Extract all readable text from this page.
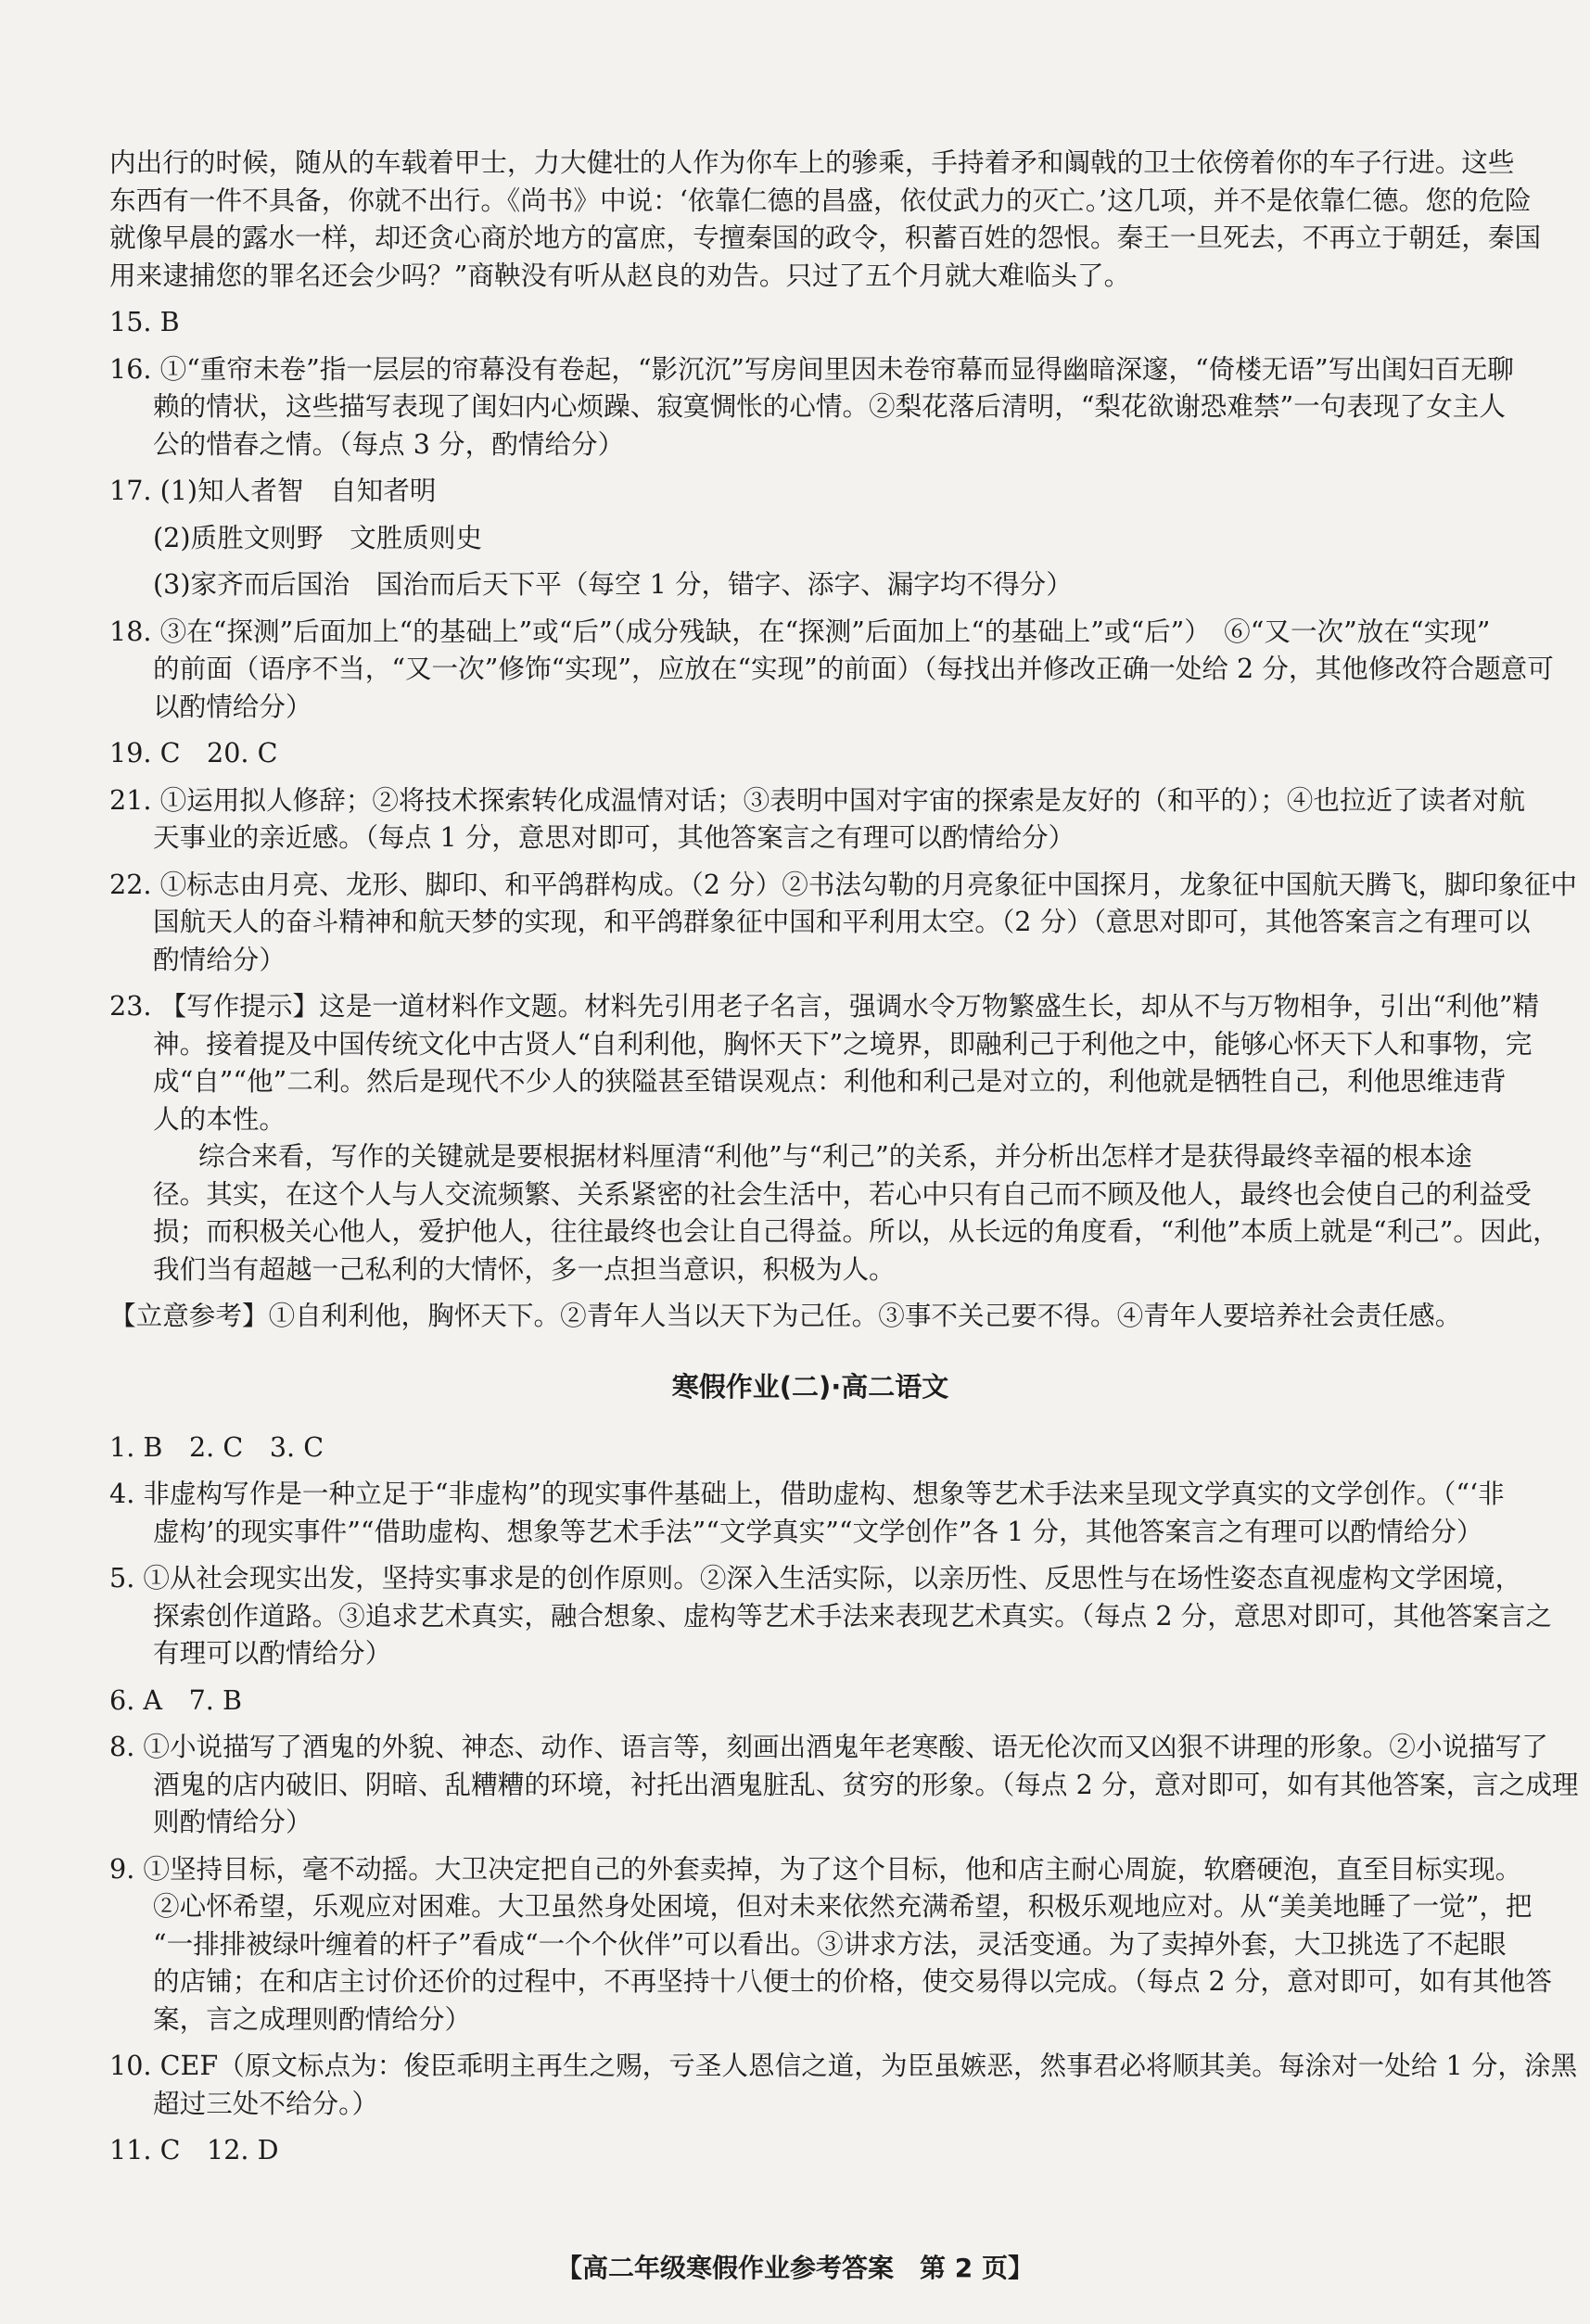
内出行的时候，随从的车载着甲士，力大健壮的人作为你车上的骖乘，手持着矛和阘戟的卫士依傍着你的车子行进。这些
东西有一件不具备，你就不出行。《尚书》中说：‘依靠仁德的昌盛，依仗武力的灭亡。’这几项，并不是依靠仁德。您的危险
就像早晨的露水一样，却还贪心商於地方的富庶，专擅秦国的政令，积蓄百姓的怨恨。秦王一旦死去，不再立于朝廷，秦国
用来逮捕您的罪名还会少吗？”商鞅没有听从赵良的劝告。只过了五个月就大难临头了。
15. B
16. ①“重帘未卷”指一层层的帘幕没有卷起，“影沉沉”写房间里因未卷帘幕而显得幽暗深邃，“倚楼无语”写出闺妇百无聊
赖的情状，这些描写表现了闺妇内心烦躁、寂寞惆怅的心情。②梨花落后清明，“梨花欲谢恐难禁”一句表现了女主人
公的惜春之情。（每点 3 分，酌情给分）
17. (1)知人者智　自知者明
(2)质胜文则野　文胜质则史
(3)家齐而后国治　国治而后天下平（每空 1 分，错字、添字、漏字均不得分）
18. ③在“探测”后面加上“的基础上”或“后”（成分残缺，在“探测”后面加上“的基础上”或“后”）　⑥“又一次”放在“实现”
的前面（语序不当，“又一次”修饰“实现”，应放在“实现”的前面）（每找出并修改正确一处给 2 分，其他修改符合题意可
以酌情给分）
19. C　20. C
21. ①运用拟人修辞；②将技术探索转化成温情对话；③表明中国对宇宙的探索是友好的（和平的）；④也拉近了读者对航
天事业的亲近感。（每点 1 分，意思对即可，其他答案言之有理可以酌情给分）
22. ①标志由月亮、龙形、脚印、和平鸽群构成。（2 分）②书法勾勒的月亮象征中国探月，龙象征中国航天腾飞，脚印象征中
国航天人的奋斗精神和航天梦的实现，和平鸽群象征中国和平利用太空。（2 分）（意思对即可，其他答案言之有理可以
酌情给分）
23. 【写作提示】这是一道材料作文题。材料先引用老子名言，强调水令万物繁盛生长，却从不与万物相争，引出“利他”精
神。接着提及中国传统文化中古贤人“自利利他，胸怀天下”之境界，即融利己于利他之中，能够心怀天下人和事物，完
成“自”“他”二利。然后是现代不少人的狭隘甚至错误观点：利他和利己是对立的，利他就是牺牲自己，利他思维违背
人的本性。
综合来看，写作的关键就是要根据材料厘清“利他”与“利己”的关系，并分析出怎样才是获得最终幸福的根本途
径。其实，在这个人与人交流频繁、关系紧密的社会生活中，若心中只有自己而不顾及他人，最终也会使自己的利益受
损；而积极关心他人，爱护他人，往往最终也会让自己得益。所以，从长远的角度看，“利他”本质上就是“利己”。因此，
我们当有超越一己私利的大情怀，多一点担当意识，积极为人。
【立意参考】①自利利他，胸怀天下。②青年人当以天下为己任。③事不关己要不得。④青年人要培养社会责任感。
寒假作业(二)·高二语文
1. B　2. C　3. C
4. 非虚构写作是一种立足于“非虚构”的现实事件基础上，借助虚构、想象等艺术手法来呈现文学真实的文学创作。（“‘非
虚构’的现实事件”“借助虚构、想象等艺术手法”“文学真实”“文学创作”各 1 分，其他答案言之有理可以酌情给分）
5. ①从社会现实出发，坚持实事求是的创作原则。②深入生活实际，以亲历性、反思性与在场性姿态直视虚构文学困境，
探索创作道路。③追求艺术真实，融合想象、虚构等艺术手法来表现艺术真实。（每点 2 分，意思对即可，其他答案言之
有理可以酌情给分）
6. A　7. B
8. ①小说描写了酒鬼的外貌、神态、动作、语言等，刻画出酒鬼年老寒酸、语无伦次而又凶狠不讲理的形象。②小说描写了
酒鬼的店内破旧、阴暗、乱糟糟的环境，衬托出酒鬼脏乱、贫穷的形象。（每点 2 分，意对即可，如有其他答案，言之成理
则酌情给分）
9. ①坚持目标，毫不动摇。大卫决定把自己的外套卖掉，为了这个目标，他和店主耐心周旋，软磨硬泡，直至目标实现。
②心怀希望，乐观应对困难。大卫虽然身处困境，但对未来依然充满希望，积极乐观地应对。从“美美地睡了一觉”，把
“一排排被绿叶缠着的杆子”看成“一个个伙伴”可以看出。③讲求方法，灵活变通。为了卖掉外套，大卫挑选了不起眼
的店铺；在和店主讨价还价的过程中，不再坚持十八便士的价格，使交易得以完成。（每点 2 分，意对即可，如有其他答
案，言之成理则酌情给分）
10. CEF（原文标点为：俊臣乖明主再生之赐，亏圣人恩信之道，为臣虽嫉恶，然事君必将顺其美。每涂对一处给 1 分，涂黑
超过三处不给分。）
11. C　12. D
【高二年级寒假作业参考答案　第 2 页】
